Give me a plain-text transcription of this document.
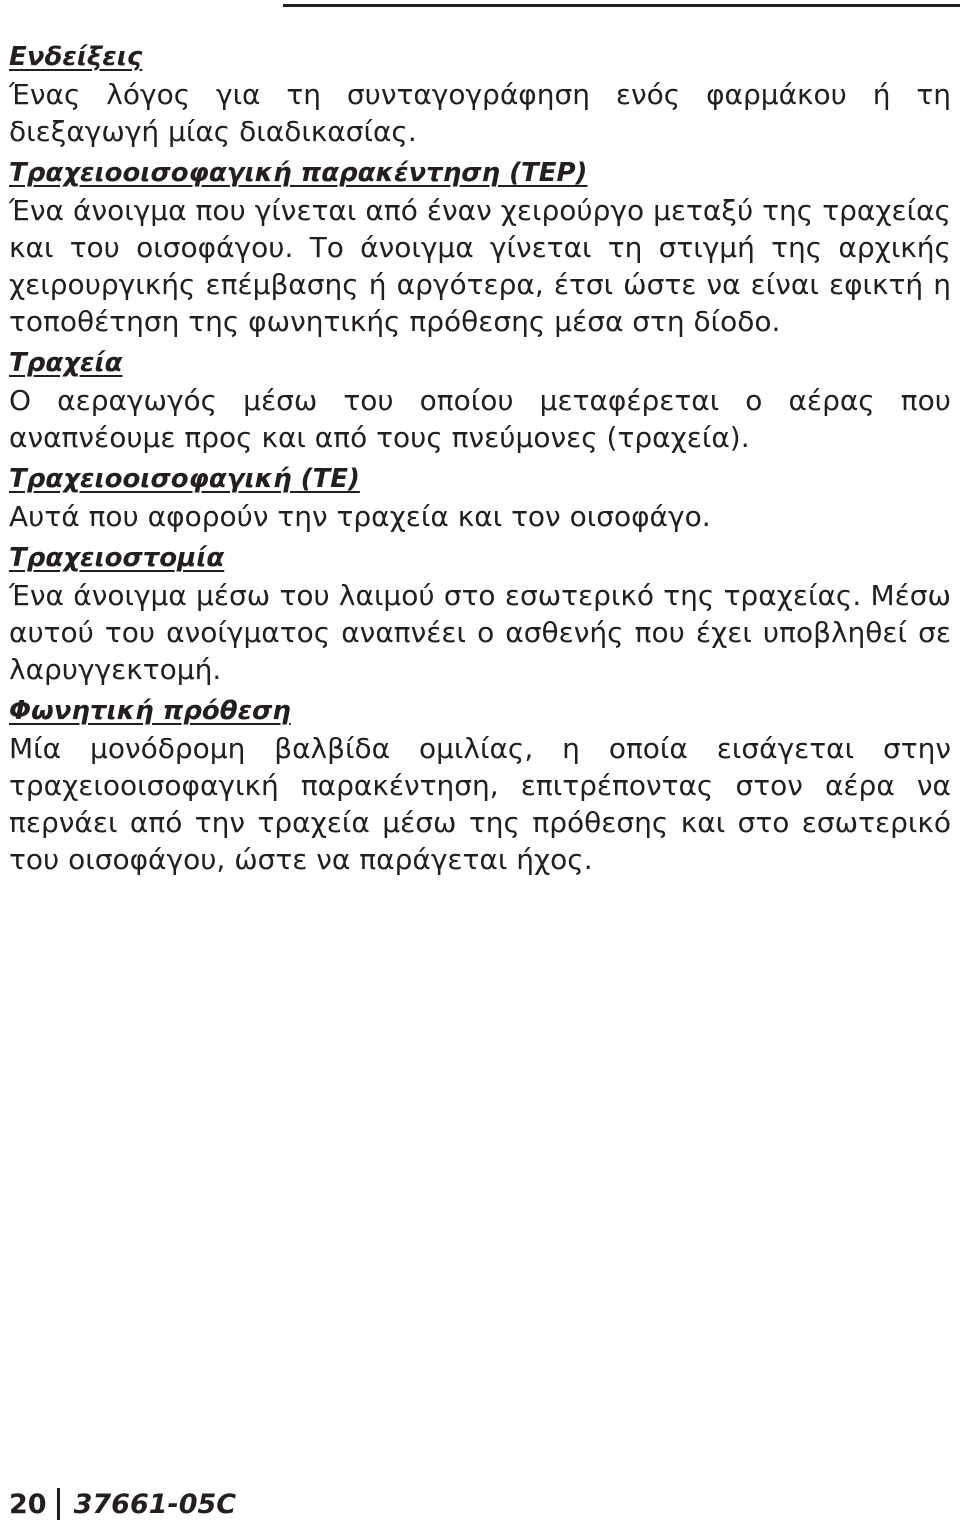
Ενδείξεις

Ένας λόγος για τη συνταγογράφηση ενός φαρμάκου ή τη διεξαγωγή μίας διαδικασίας.

Τραχειοοισοφαγική παρακέντηση (TEP)

Ένα άνοιγμα που γίνεται από έναν χειρούργο μεταξύ της τραχείας και του οισοφάγου. Το άνοιγμα γίνεται τη στιγμή της αρχικής χειρουργικής επέμβασης ή αργότερα, έτσι ώστε να είναι εφικτή η τοποθέτηση της φωνητικής πρόθεσης μέσα στη δίοδο.

Τραχεία

Ο αεραγωγός μέσω του οποίου μεταφέρεται ο αέρας που αναπνέουμε προς και από τους πνεύμονες (τραχεία).

Τραχειοοισοφαγική (TE)

Αυτά που αφορούν την τραχεία και τον οισοφάγο.

Τραχειοστομία

Ένα άνοιγμα μέσω του λαιμού στο εσωτερικό της τραχείας. Μέσω αυτού του ανοίγματος αναπνέει ο ασθενής που έχει υποβληθεί σε λαρυγγεκτομή.

Φωνητική πρόθεση

Μία μονόδρομη βαλβίδα ομιλίας, η οποία εισάγεται στην τραχειοοισοφαγική παρακέντηση, επιτρέποντας στον αέρα να περνάει από την τραχεία μέσω της πρόθεσης και στο εσωτερικό του οισοφάγου, ώστε να παράγεται ήχος.

20 37661-05C
